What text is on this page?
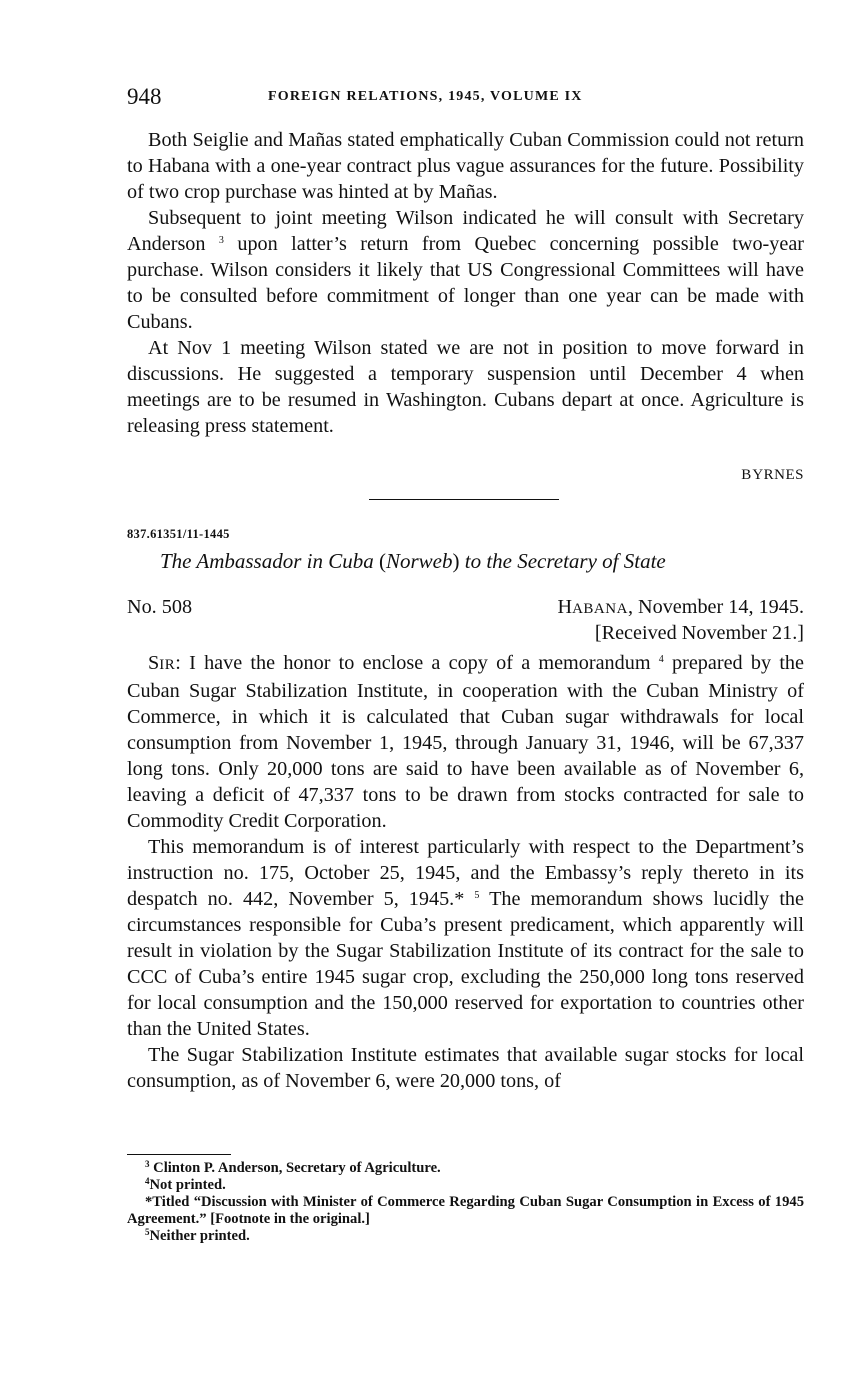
948	FOREIGN RELATIONS, 1945, VOLUME IX

Both Seiglie and Mañas stated emphatically Cuban Commission could not return to Habana with a one-year contract plus vague assurances for the future. Possibility of two crop purchase was hinted at by Mañas.

Subsequent to joint meeting Wilson indicated he will consult with Secretary Anderson $^3$ upon latter’s return from Quebec concerning possible two-year purchase. Wilson considers it likely that US Congressional Committees will have to be consulted before commitment of longer than one year can be made with Cubans.

At Nov 1 meeting Wilson stated we are not in position to move forward in discussions. He suggested a temporary suspension until December 4 when meetings are to be resumed in Washington. Cubans depart at once. Agriculture is releasing press statement.

BYRNES
837.61351/11-1445
The Ambassador in Cuba (Norweb) to the Secretary of State
No. 508	HABANA, November 14, 1945.
[Received November 21.]

SIR: I have the honor to enclose a copy of a memorandum $^4$ prepared by the Cuban Sugar Stabilization Institute, in cooperation with the Cuban Ministry of Commerce, in which it is calculated that Cuban sugar withdrawals for local consumption from November 1, 1945, through January 31, 1946, will be 67,337 long tons. Only 20,000 tons are said to have been available as of November 6, leaving a deficit of 47,337 tons to be drawn from stocks contracted for sale to Commodity Credit Corporation.

This memorandum is of interest particularly with respect to the Department’s instruction no. 175, October 25, 1945, and the Embassy’s reply thereto in its despatch no. 442, November 5, 1945.* $^5$ The memorandum shows lucidly the circumstances responsible for Cuba’s present predicament, which apparently will result in violation by the Sugar Stabilization Institute of its contract for the sale to CCC of Cuba’s entire 1945 sugar crop, excluding the 250,000 long tons reserved for local consumption and the 150,000 reserved for exportation to countries other than the United States.

The Sugar Stabilization Institute estimates that available sugar stocks for local consumption, as of November 6, were 20,000 tons, of

$^3$ Clinton P. Anderson, Secretary of Agriculture.
$^4$Not printed.
*Titled “Discussion with Minister of Commerce Regarding Cuban Sugar Consumption in Excess of 1945 Agreement.” [Footnote in the original.]
$^5$Neither printed.
